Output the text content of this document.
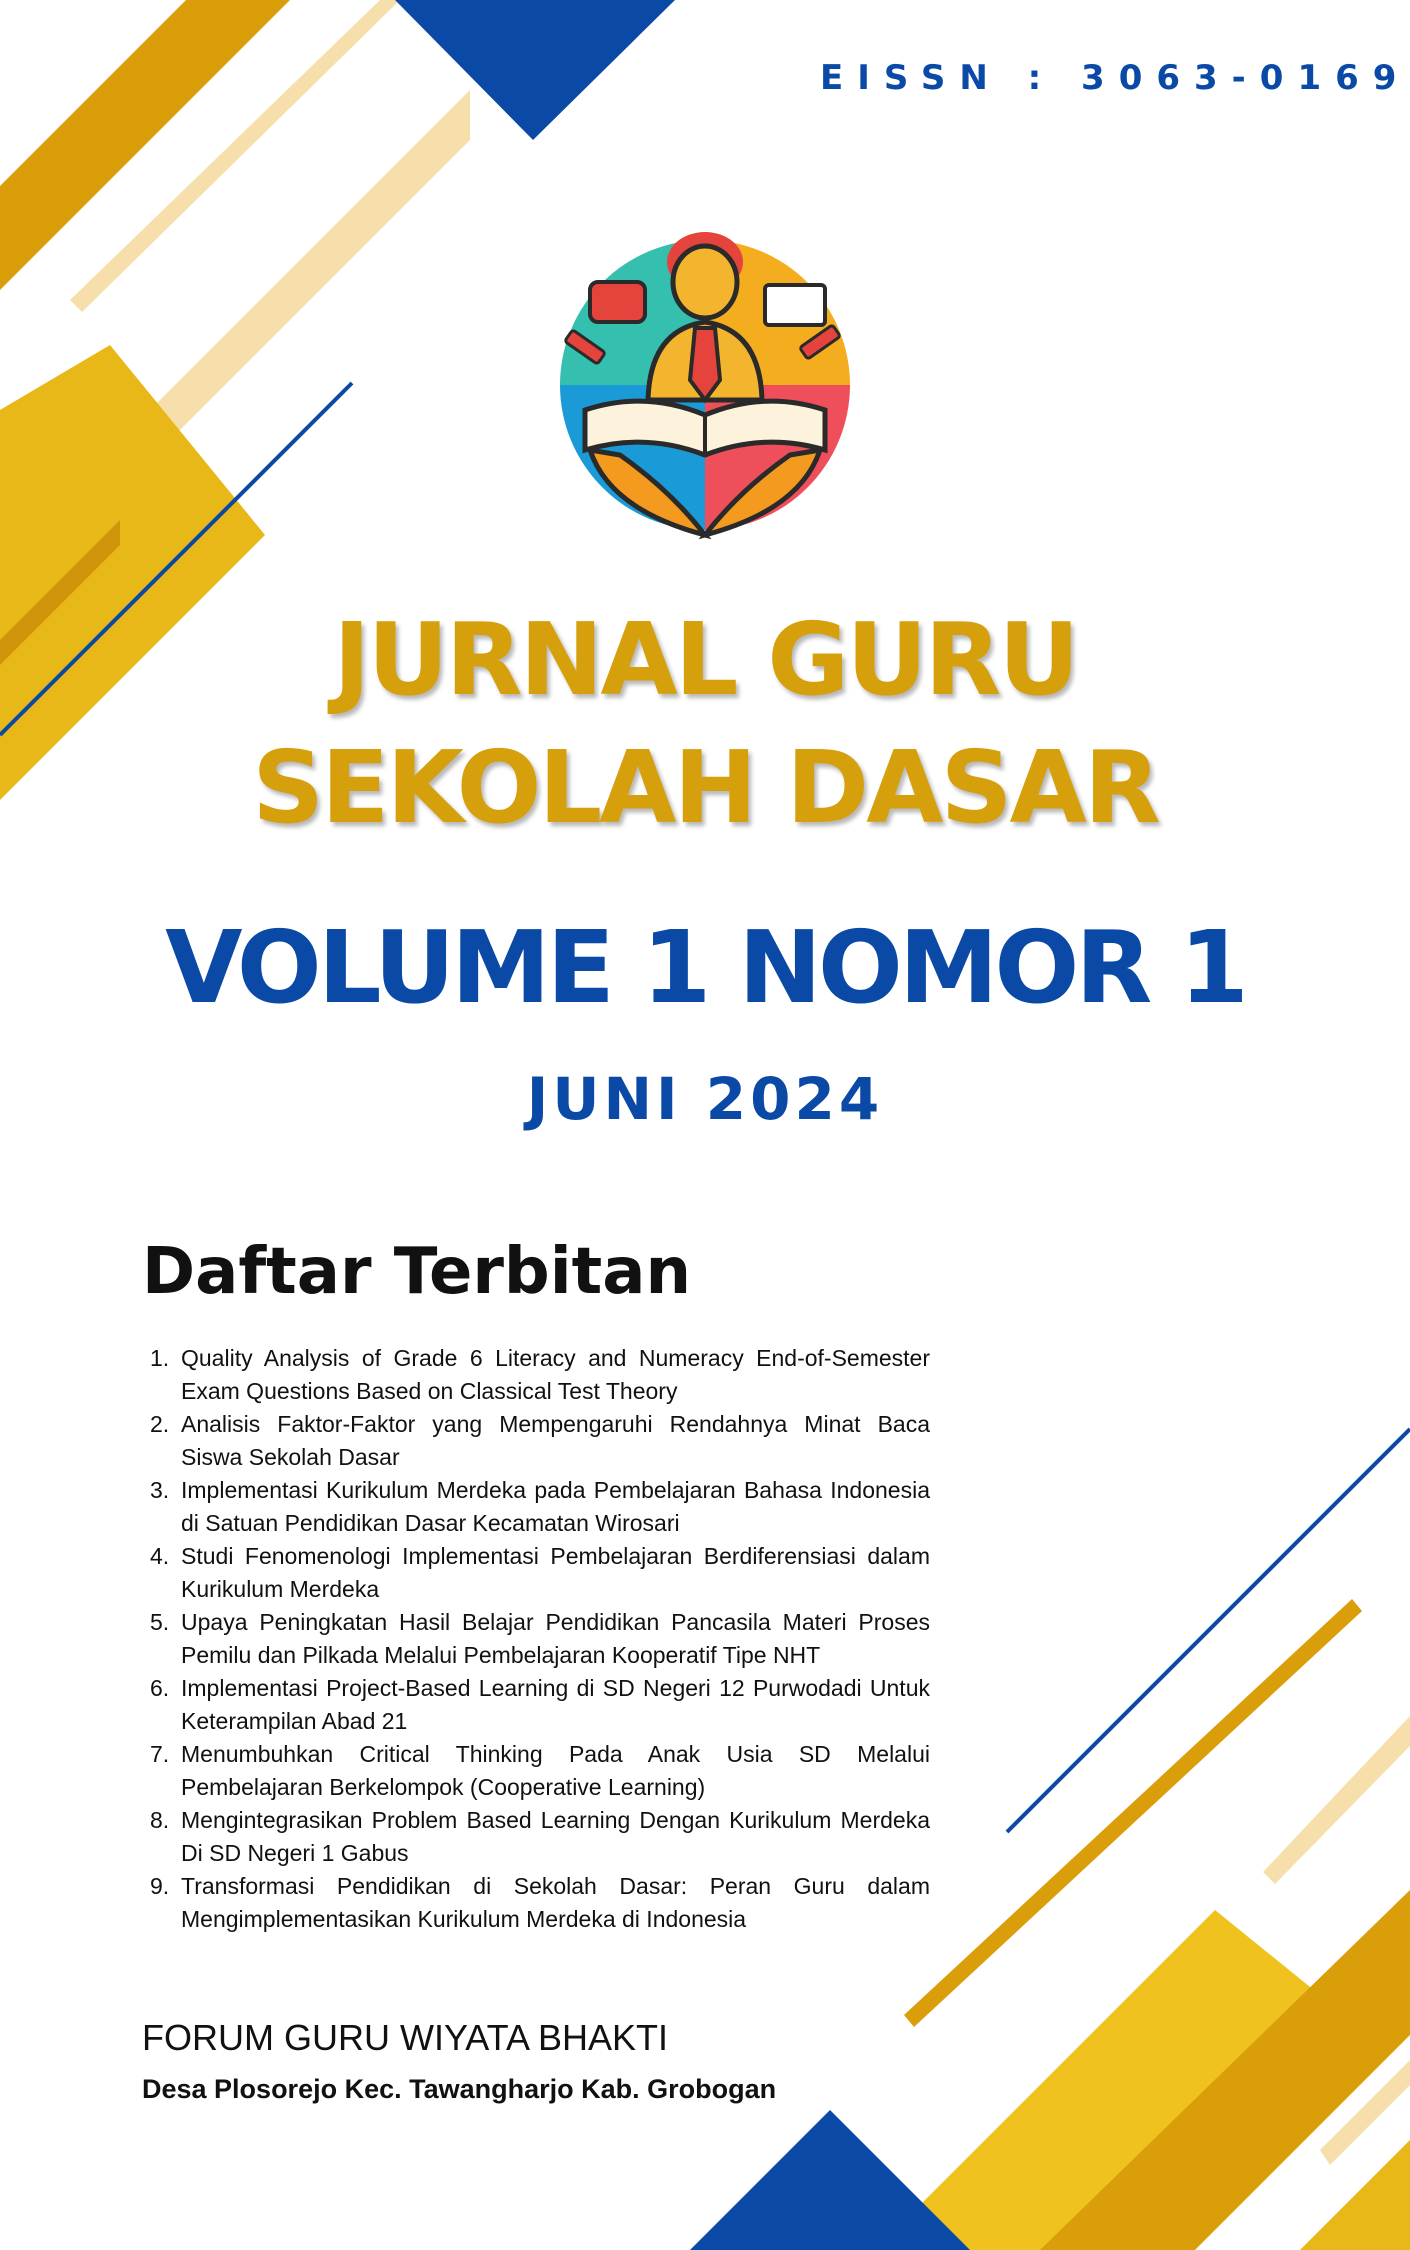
EISSN : 3063-0169
JURNAL GURU
SEKOLAH DASAR
VOLUME 1 NOMOR 1
JUNI 2024
Daftar Terbitan
1. Quality Analysis of Grade 6 Literacy and Numeracy End-of-Semester Exam Questions Based on Classical Test Theory
2. Analisis Faktor-Faktor yang Mempengaruhi Rendahnya Minat Baca Siswa Sekolah Dasar
3. Implementasi Kurikulum Merdeka pada Pembelajaran Bahasa Indonesia di Satuan Pendidikan Dasar Kecamatan Wirosari
4. Studi Fenomenologi Implementasi Pembelajaran Berdiferensiasi dalam Kurikulum Merdeka
5. Upaya Peningkatan Hasil Belajar Pendidikan Pancasila Materi Proses Pemilu dan Pilkada Melalui Pembelajaran Kooperatif Tipe NHT
6. Implementasi Project-Based Learning di SD Negeri 12 Purwodadi Untuk Keterampilan Abad 21
7. Menumbuhkan Critical Thinking Pada Anak Usia SD Melalui Pembelajaran Berkelompok (Cooperative Learning)
8. Mengintegrasikan Problem Based Learning Dengan Kurikulum Merdeka Di SD Negeri 1 Gabus
9. Transformasi Pendidikan di Sekolah Dasar: Peran Guru dalam Mengimplementasikan Kurikulum Merdeka di Indonesia
FORUM GURU WIYATA BHAKTI
Desa Plosorejo Kec. Tawangharjo Kab. Grobogan
